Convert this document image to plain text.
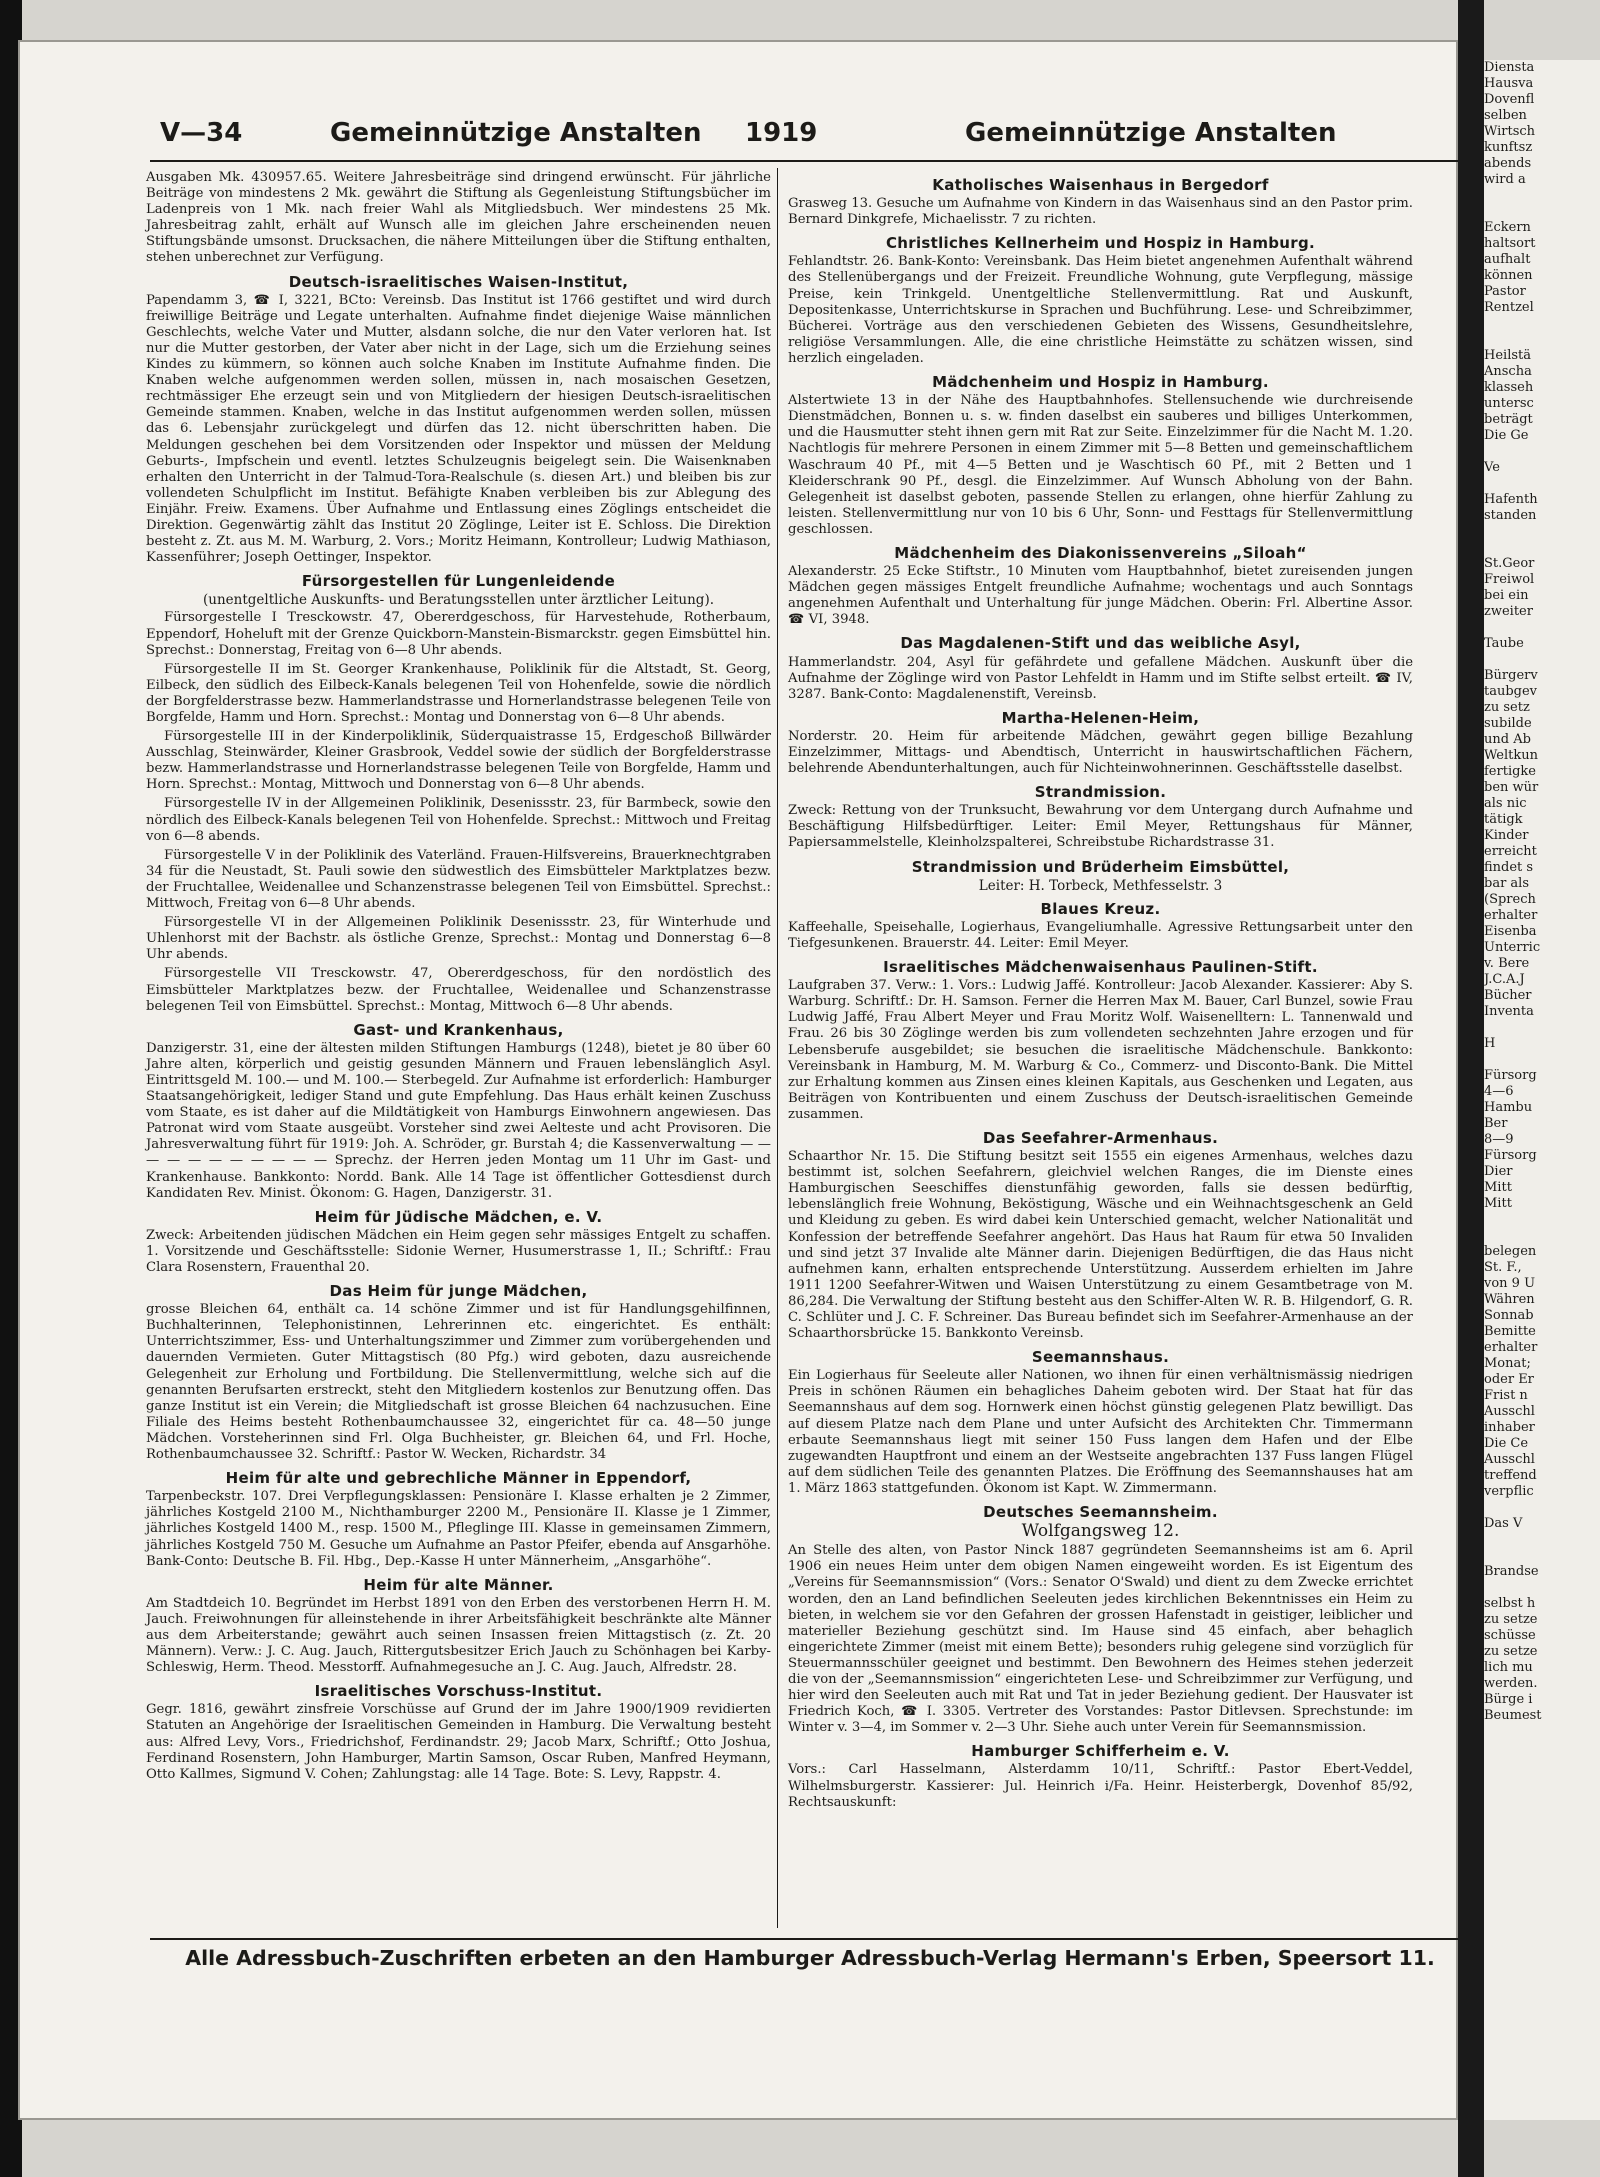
V—34	Gemeinnützige Anstalten 1919	Gemeinnützige Anstalten

Ausgaben Mk. 430957.65. Weitere Jahresbeiträge sind dringend erwünscht. Für jährliche Beiträge von mindestens 2 Mk. gewährt die Stiftung als Gegenleistung Stiftungsbücher im Ladenpreis von 1 Mk. nach freier Wahl als Mitgliedsbuch. Wer mindestens 25 Mk. Jahresbeitrag zahlt, erhält auf Wunsch alle im gleichen Jahre erscheinenden neuen Stiftungsbände umsonst. Drucksachen, die nähere Mitteilungen über die Stiftung enthalten, stehen unberechnet zur Verfügung.

Deutsch-israelitisches Waisen-Institut,

Papendamm 3, ☎ I, 3221, BCto: Vereinsb. Das Institut ist 1766 gestiftet und wird durch freiwillige Beiträge und Legate unterhalten. Aufnahme findet diejenige Waise männlichen Geschlechts, welche Vater und Mutter, alsdann solche, die nur den Vater verloren hat. Ist nur die Mutter gestorben, der Vater aber nicht in der Lage, sich um die Erziehung seines Kindes zu kümmern, so können auch solche Knaben im Institute Aufnahme finden. Die Knaben welche aufgenommen werden sollen, müssen in, nach mosaischen Gesetzen, rechtmässiger Ehe erzeugt sein und von Mitgliedern der hiesigen Deutsch-israelitischen Gemeinde stammen. Knaben, welche in das Institut aufgenommen werden sollen, müssen das 6. Lebensjahr zurückgelegt und dürfen das 12. nicht überschritten haben. Die Meldungen geschehen bei dem Vorsitzenden oder Inspektor und müssen der Meldung Geburts-, Impfschein und eventl. letztes Schulzeugnis beigelegt sein. Die Waisenknaben erhalten den Unterricht in der Talmud-Tora-Realschule (s. diesen Art.) und bleiben bis zur vollendeten Schulpflicht im Institut. Befähigte Knaben verbleiben bis zur Ablegung des Einjähr. Freiw. Examens. Über Aufnahme und Entlassung eines Zöglings entscheidet die Direktion. Gegenwärtig zählt das Institut 20 Zöglinge, Leiter ist E. Schloss. Die Direktion besteht z. Zt. aus M. M. Warburg, 2. Vors.; Moritz Heimann, Kontrolleur; Ludwig Mathiason, Kassenführer; Joseph Oettinger, Inspektor.

Fürsorgestellen für Lungenleidende
(unentgeltliche Auskunfts- und Beratungsstellen unter ärztlicher Leitung).

Fürsorgestelle I Tresckowstr. 47, Obererdgeschoss, für Harvestehude, Rotherbaum, Eppendorf, Hoheluft mit der Grenze Quickborn-Manstein-Bismarckstr. gegen Eimsbüttel hin. Sprechst.: Donnerstag, Freitag von 6—8 Uhr abends.

Fürsorgestelle II im St. Georger Krankenhause, Poliklinik für die Altstadt, St. Georg, Eilbeck, den südlich des Eilbeck-Kanals belegenen Teil von Hohenfelde, sowie die nördlich der Borgfelderstrasse bezw. Hammerlandstrasse und Hornerlandstrasse belegenen Teile von Borgfelde, Hamm und Horn. Sprechst.: Montag und Donnerstag von 6—8 Uhr abends.

Fürsorgestelle III in der Kinderpoliklinik, Süderquaistrasse 15, Erdgeschoß Billwärder Ausschlag, Steinwärder, Kleiner Grasbrook, Veddel sowie der südlich der Borgfelderstrasse bezw. Hammerlandstrasse und Hornerlandstrasse belegenen Teile von Borgfelde, Hamm und Horn. Sprechst.: Montag, Mittwoch und Donnerstag von 6—8 Uhr abends.

Fürsorgestelle IV in der Allgemeinen Poliklinik, Desenissstr. 23, für Barmbeck, sowie den nördlich des Eilbeck-Kanals belegenen Teil von Hohenfelde. Sprechst.: Mittwoch und Freitag von 6—8 abends.

Fürsorgestelle V in der Poliklinik des Vaterländ. Frauen-Hilfsvereins, Brauerknechtgraben 34 für die Neustadt, St. Pauli sowie den südwestlich des Eimsbütteler Marktplatzes bezw. der Fruchtallee, Weidenallee und Schanzenstrasse belegenen Teil von Eimsbüttel. Sprechst.: Mittwoch, Freitag von 6—8 Uhr abends.

Fürsorgestelle VI in der Allgemeinen Poliklinik Desenissstr. 23, für Winterhude und Uhlenhorst mit der Bachstr. als östliche Grenze, Sprechst.: Montag und Donnerstag 6—8 Uhr abends.

Fürsorgestelle VII Tresckowstr. 47, Obererdgeschoss, für den nordöstlich des Eimsbütteler Marktplatzes bezw. der Fruchtallee, Weidenallee und Schanzenstrasse belegenen Teil von Eimsbüttel. Sprechst.: Montag, Mittwoch 6—8 Uhr abends.

Gast- und Krankenhaus,

Danzigerstr. 31, eine der ältesten milden Stiftungen Hamburgs (1248), bietet je 80 über 60 Jahre alten, körperlich und geistig gesunden Männern und Frauen lebenslänglich Asyl. Eintrittsgeld M. 100.— und M. 100.— Sterbegeld. Zur Aufnahme ist erforderlich: Hamburger Staatsangehörigkeit, lediger Stand und gute Empfehlung. Das Haus erhält keinen Zuschuss vom Staate, es ist daher auf die Mildtätigkeit von Hamburgs Einwohnern angewiesen. Das Patronat wird vom Staate ausgeübt. Vorsteher sind zwei Aelteste und acht Provisoren. Die Jahresverwaltung führt für 1919: Joh. A. Schröder, gr. Burstah 4; die Kassenverwaltung — — — — — — — — — — — Sprechz. der Herren jeden Montag um 11 Uhr im Gast- und Krankenhause. Bankkonto: Nordd. Bank. Alle 14 Tage ist öffentlicher Gottesdienst durch Kandidaten Rev. Minist. Ökonom: G. Hagen, Danzigerstr. 31.

Heim für Jüdische Mädchen, e. V.

Zweck: Arbeitenden jüdischen Mädchen ein Heim gegen sehr mässiges Entgelt zu schaffen. 1. Vorsitzende und Geschäftsstelle: Sidonie Werner, Husumerstrasse 1, II.; Schriftf.: Frau Clara Rosenstern, Frauenthal 20.

Das Heim für junge Mädchen,

grosse Bleichen 64, enthält ca. 14 schöne Zimmer und ist für Handlungsgehilfinnen, Buchhalterinnen, Telephonistinnen, Lehrerinnen etc. eingerichtet. Es enthält: Unterrichtszimmer, Ess- und Unterhaltungszimmer und Zimmer zum vorübergehenden und dauernden Vermieten. Guter Mittagstisch (80 Pfg.) wird geboten, dazu ausreichende Gelegenheit zur Erholung und Fortbildung. Die Stellenvermittlung, welche sich auf die genannten Berufsarten erstreckt, steht den Mitgliedern kostenlos zur Benutzung offen. Das ganze Institut ist ein Verein; die Mitgliedschaft ist grosse Bleichen 64 nachzusuchen. Eine Filiale des Heims besteht Rothenbaumchaussee 32, eingerichtet für ca. 48—50 junge Mädchen. Vorsteherinnen sind Frl. Olga Buchheister, gr. Bleichen 64, und Frl. Hoche, Rothenbaumchaussee 32. Schriftf.: Pastor W. Wecken, Richardstr. 34

Heim für alte und gebrechliche Männer in Eppendorf,

Tarpenbeckstr. 107. Drei Verpflegungsklassen: Pensionäre I. Klasse erhalten je 2 Zimmer, jährliches Kostgeld 2100 M., Nichthamburger 2200 M., Pensionäre II. Klasse je 1 Zimmer, jährliches Kostgeld 1400 M., resp. 1500 M., Pfleglinge III. Klasse in gemeinsamen Zimmern, jährliches Kostgeld 750 M. Gesuche um Aufnahme an Pastor Pfeifer, ebenda auf Ansgarhöhe. Bank-Conto: Deutsche B. Fil. Hbg., Dep.-Kasse H unter Männerheim, „Ansgarhöhe“.

Heim für alte Männer.

Am Stadtdeich 10. Begründet im Herbst 1891 von den Erben des verstorbenen Herrn H. M. Jauch. Freiwohnungen für alleinstehende in ihrer Arbeitsfähigkeit beschränkte alte Männer aus dem Arbeiterstande; gewährt auch seinen Insassen freien Mittagstisch (z. Zt. 20 Männern). Verw.: J. C. Aug. Jauch, Rittergutsbesitzer Erich Jauch zu Schönhagen bei Karby-Schleswig, Herm. Theod. Messtorff. Aufnahmegesuche an J. C. Aug. Jauch, Alfredstr. 28.

Israelitisches Vorschuss-Institut.

Gegr. 1816, gewährt zinsfreie Vorschüsse auf Grund der im Jahre 1900/1909 revidierten Statuten an Angehörige der Israelitischen Gemeinden in Hamburg. Die Verwaltung besteht aus: Alfred Levy, Vors., Friedrichshof, Ferdinandstr. 29; Jacob Marx, Schriftf.; Otto Joshua, Ferdinand Rosenstern, John Hamburger, Martin Samson, Oscar Ruben, Manfred Heymann, Otto Kallmes, Sigmund V. Cohen; Zahlungstag: alle 14 Tage. Bote: S. Levy, Rappstr. 4.

Katholisches Waisenhaus in Bergedorf

Grasweg 13. Gesuche um Aufnahme von Kindern in das Waisenhaus sind an den Pastor prim. Bernard Dinkgrefe, Michaelisstr. 7 zu richten.

Christliches Kellnerheim und Hospiz in Hamburg.

Fehlandtstr. 26. Bank-Konto: Vereinsbank. Das Heim bietet angenehmen Aufenthalt während des Stellenübergangs und der Freizeit. Freundliche Wohnung, gute Verpflegung, mässige Preise, kein Trinkgeld. Unentgeltliche Stellenvermittlung. Rat und Auskunft, Depositenkasse, Unterrichtskurse in Sprachen und Buchführung. Lese- und Schreibzimmer, Bücherei. Vorträge aus den verschiedenen Gebieten des Wissens, Gesundheitslehre, religiöse Versammlungen. Alle, die eine christliche Heimstätte zu schätzen wissen, sind herzlich eingeladen.

Mädchenheim und Hospiz in Hamburg.

Alstertwiete 13 in der Nähe des Hauptbahnhofes. Stellensuchende wie durchreisende Dienstmädchen, Bonnen u. s. w. finden daselbst ein sauberes und billiges Unterkommen, und die Hausmutter steht ihnen gern mit Rat zur Seite. Einzelzimmer für die Nacht M. 1.20. Nachtlogis für mehrere Personen in einem Zimmer mit 5—8 Betten und gemeinschaftlichem Waschraum 40 Pf., mit 4—5 Betten und je Waschtisch 60 Pf., mit 2 Betten und 1 Kleiderschrank 90 Pf., desgl. die Einzelzimmer. Auf Wunsch Abholung von der Bahn. Gelegenheit ist daselbst geboten, passende Stellen zu erlangen, ohne hierfür Zahlung zu leisten. Stellenvermittlung nur von 10 bis 6 Uhr, Sonn- und Festtags für Stellenvermittlung geschlossen.

Mädchenheim des Diakonissenvereins „Siloah“

Alexanderstr. 25 Ecke Stiftstr., 10 Minuten vom Hauptbahnhof, bietet zureisenden jungen Mädchen gegen mässiges Entgelt freundliche Aufnahme; wochentags und auch Sonntags angenehmen Aufenthalt und Unterhaltung für junge Mädchen. Oberin: Frl. Albertine Assor. ☎ VI, 3948.

Das Magdalenen-Stift und das weibliche Asyl,

Hammerlandstr. 204, Asyl für gefährdete und gefallene Mädchen. Auskunft über die Aufnahme der Zöglinge wird von Pastor Lehfeldt in Hamm und im Stifte selbst erteilt. ☎ IV, 3287. Bank-Conto: Magdalenenstift, Vereinsb.

Martha-Helenen-Heim,

Norderstr. 20. Heim für arbeitende Mädchen, gewährt gegen billige Bezahlung Einzelzimmer, Mittags- und Abendtisch, Unterricht in hauswirtschaftlichen Fächern, belehrende Abendunterhaltungen, auch für Nichteinwohnerinnen. Geschäftsstelle daselbst.

Strandmission.

Zweck: Rettung von der Trunksucht, Bewahrung vor dem Untergang durch Aufnahme und Beschäftigung Hilfsbedürftiger. Leiter: Emil Meyer, Rettungshaus für Männer, Papiersammelstelle, Kleinholzspalterei, Schreibstube Richardstrasse 31.

Strandmission und Brüderheim Eimsbüttel,
Leiter: H. Torbeck, Methfesselstr. 3
Blaues Kreuz.

Kaffeehalle, Speisehalle, Logierhaus, Evangeliumhalle. Agressive Rettungsarbeit unter den Tiefgesunkenen. Brauerstr. 44. Leiter: Emil Meyer.

Israelitisches Mädchenwaisenhaus Paulinen-Stift.

Laufgraben 37. Verw.: 1. Vors.: Ludwig Jaffé. Kontrolleur: Jacob Alexander. Kassierer: Aby S. Warburg. Schriftf.: Dr. H. Samson. Ferner die Herren Max M. Bauer, Carl Bunzel, sowie Frau Ludwig Jaffé, Frau Albert Meyer und Frau Moritz Wolf. Waisenelltern: L. Tannenwald und Frau. 26 bis 30 Zöglinge werden bis zum vollendeten sechzehnten Jahre erzogen und für Lebensberufe ausgebildet; sie besuchen die israelitische Mädchenschule. Bankkonto: Vereinsbank in Hamburg, M. M. Warburg & Co., Commerz- und Disconto-Bank. Die Mittel zur Erhaltung kommen aus Zinsen eines kleinen Kapitals, aus Geschenken und Legaten, aus Beiträgen von Kontribuenten und einem Zuschuss der Deutsch-israelitischen Gemeinde zusammen.

Das Seefahrer-Armenhaus.

Schaarthor Nr. 15. Die Stiftung besitzt seit 1555 ein eigenes Armenhaus, welches dazu bestimmt ist, solchen Seefahrern, gleichviel welchen Ranges, die im Dienste eines Hamburgischen Seeschiffes dienstunfähig geworden, falls sie dessen bedürftig, lebenslänglich freie Wohnung, Beköstigung, Wäsche und ein Weihnachtsgeschenk an Geld und Kleidung zu geben. Es wird dabei kein Unterschied gemacht, welcher Nationalität und Konfession der betreffende Seefahrer angehört. Das Haus hat Raum für etwa 50 Invaliden und sind jetzt 37 Invalide alte Männer darin. Diejenigen Bedürftigen, die das Haus nicht aufnehmen kann, erhalten entsprechende Unterstützung. Ausserdem erhielten im Jahre 1911 1200 Seefahrer-Witwen und Waisen Unterstützung zu einem Gesamtbetrage von M. 86,284. Die Verwaltung der Stiftung besteht aus den Schiffer-Alten W. R. B. Hilgendorf, G. R. C. Schlüter und J. C. F. Schreiner. Das Bureau befindet sich im Seefahrer-Armenhause an der Schaarthorsbrücke 15. Bankkonto Vereinsb.

Seemannshaus.

Ein Logierhaus für Seeleute aller Nationen, wo ihnen für einen verhältnismässig niedrigen Preis in schönen Räumen ein behagliches Daheim geboten wird. Der Staat hat für das Seemannshaus auf dem sog. Hornwerk einen höchst günstig gelegenen Platz bewilligt. Das auf diesem Platze nach dem Plane und unter Aufsicht des Architekten Chr. Timmermann erbaute Seemannshaus liegt mit seiner 150 Fuss langen dem Hafen und der Elbe zugewandten Hauptfront und einem an der Westseite angebrachten 137 Fuss langen Flügel auf dem südlichen Teile des genannten Platzes. Die Eröffnung des Seemannshauses hat am 1. März 1863 stattgefunden. Ökonom ist Kapt. W. Zimmermann.

Deutsches Seemannsheim.
Wolfgangsweg 12.

An Stelle des alten, von Pastor Ninck 1887 gegründeten Seemannsheims ist am 6. April 1906 ein neues Heim unter dem obigen Namen eingeweiht worden. Es ist Eigentum des „Vereins für Seemannsmission“ (Vors.: Senator O'Swald) und dient zu dem Zwecke errichtet worden, den an Land befindlichen Seeleuten jedes kirchlichen Bekenntnisses ein Heim zu bieten, in welchem sie vor den Gefahren der grossen Hafenstadt in geistiger, leiblicher und materieller Beziehung geschützt sind. Im Hause sind 45 einfach, aber behaglich eingerichtete Zimmer (meist mit einem Bette); besonders ruhig gelegene sind vorzüglich für Steuermannsschüler geeignet und bestimmt. Den Bewohnern des Heimes stehen jederzeit die von der „Seemannsmission“ eingerichteten Lese- und Schreibzimmer zur Verfügung, und hier wird den Seeleuten auch mit Rat und Tat in jeder Beziehung gedient. Der Hausvater ist Friedrich Koch, ☎ I. 3305. Vertreter des Vorstandes: Pastor Ditlevsen. Sprechstunde: im Winter v. 3—4, im Sommer v. 2—3 Uhr. Siehe auch unter Verein für Seemannsmission.

Hamburger Schifferheim e. V.

Vors.: Carl Hasselmann, Alsterdamm 10/11, Schriftf.: Pastor Ebert-Veddel, Wilhelmsburgerstr. Kassierer: Jul. Heinrich i/Fa. Heinr. Heisterbergk, Dovenhof 85/92, Rechtsauskunft:

Alle Adressbuch-Zuschriften erbeten an den Hamburger Adressbuch-Verlag Hermann's Erben, Speersort 11.
Diensta
Hausva
Dovenfl
selben
Wirtsch
kunftsz
abends
wird a
Eckern
haltsort
aufhalt
können
Pastor
Rentzel
Heilstä
Anscha
klasseh
untersc
beträgt
Die Ge
Ve
Hafenth
standen
St.Geor
Freiwol
bei ein
zweiter
Taube
Bürgerv
taubgev
zu setz
subilde
und Ab
Weltkun
fertigke
ben wür
als nic
tätigk
Kinder
erreicht
findet s
bar als
(Sprech
erhalter
Eisenba
Unterric
v. Bere
J.C.A.J
Bücher
Inventa
H
Fürsorg
4—6
Hambu
Ber
8—9
Fürsorg
Dier
Mitt
Mitt
belegen
St. F.,
von 9 U
Währen
Sonnab
Bemitte
erhalter
Monat;
oder Er
Frist n
Ausschl
inhaber
Die Ce
Ausschl
treffend
verpflic
Das V
Brandse
selbst h
zu setze
schüsse
zu setze
lich mu
werden.
Bürge i
Beumest
